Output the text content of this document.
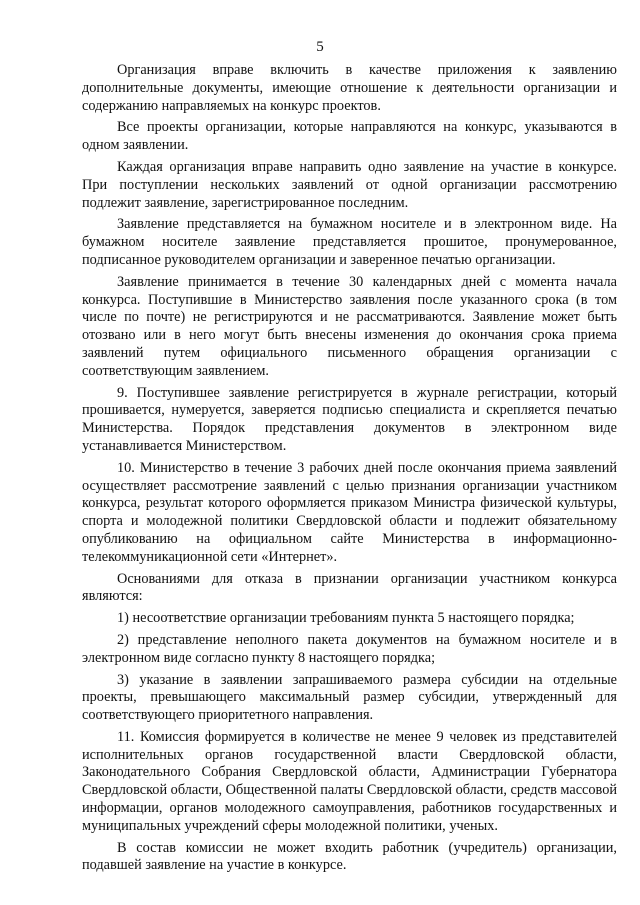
5

Организация вправе включить в качестве приложения к заявлению дополнительные документы, имеющие отношение к деятельности организации и содержанию направляемых на конкурс проектов.

Все проекты организации, которые направляются на конкурс, указываются в одном заявлении.

Каждая организация вправе направить одно заявление на участие в конкурсе. При поступлении нескольких заявлений от одной организации рассмотрению подлежит заявление, зарегистрированное последним.

Заявление представляется на бумажном носителе и в электронном виде. На бумажном носителе заявление представляется прошитое, пронумерованное, подписанное руководителем организации и заверенное печатью организации.

Заявление принимается в течение 30 календарных дней с момента начала конкурса. Поступившие в Министерство заявления после указанного срока (в том числе по почте) не регистрируются и не рассматриваются. Заявление может быть отозвано или в него могут быть внесены изменения до окончания срока приема заявлений путем официального письменного обращения организации с соответствующим заявлением.

9. Поступившее заявление регистрируется в журнале регистрации, который прошивается, нумеруется, заверяется подписью специалиста и скрепляется печатью Министерства. Порядок представления документов в электронном виде устанавливается Министерством.

10. Министерство в течение 3 рабочих дней после окончания приема заявлений осуществляет рассмотрение заявлений с целью признания организации участником конкурса, результат которого оформляется приказом Министра физической культуры, спорта и молодежной политики Свердловской области и подлежит обязательному опубликованию на официальном сайте Министерства в информационно-телекоммуникационной сети «Интернет».

Основаниями для отказа в признании организации участником конкурса являются:

1) несоответствие организации требованиям пункта 5 настоящего порядка;

2) представление неполного пакета документов на бумажном носителе и в электронном виде согласно пункту 8 настоящего порядка;

3) указание в заявлении запрашиваемого размера субсидии на отдельные проекты, превышающего максимальный размер субсидии, утвержденный для соответствующего приоритетного направления.

11. Комиссия формируется в количестве не менее 9 человек из представителей исполнительных органов государственной власти Свердловской области, Законодательного Собрания Свердловской области, Администрации Губернатора Свердловской области, Общественной палаты Свердловской области, средств массовой информации, органов молодежного самоуправления, работников государственных и муниципальных учреждений сферы молодежной политики, ученых.

В состав комиссии не может входить работник (учредитель) организации, подавшей заявление на участие в конкурсе.
